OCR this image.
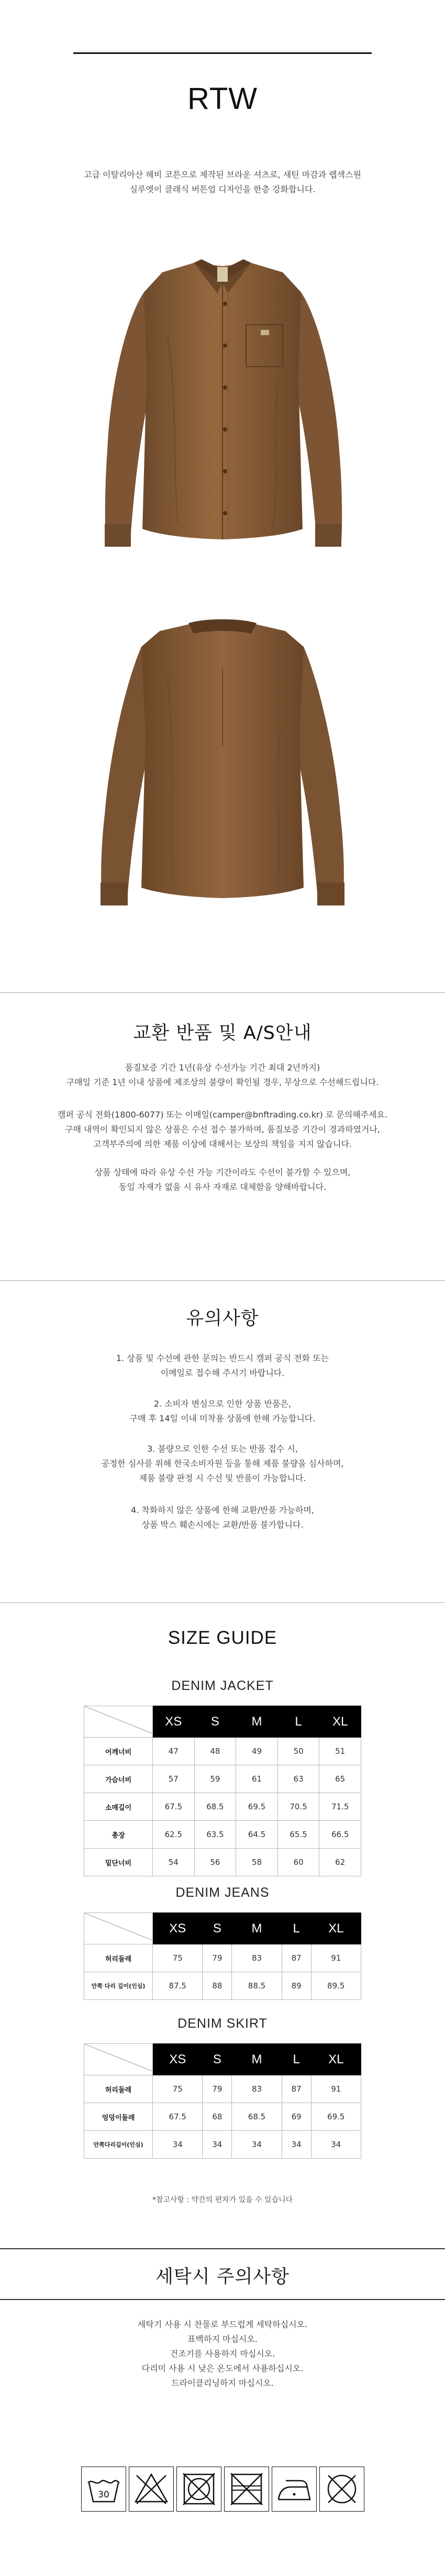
RTW
고급 이탈리아산 헤비 코튼으로 제작된 브라운 셔츠로, 새틴 마감과 랩색스원
실루엣이 클래식 버튼업 디자인을 한층 강화합니다.
교환 반품 및 A/S안내
품질보증 기간 1년(유상 수선가능 기간 최대 2년까지)
구매일 기준 1년 이내 상품에 제조상의 불량이 확인될 경우, 무상으로 수선해드립니다.
캠퍼 공식 전화(1800-6077) 또는 이메일(camper@bnftrading.co.kr) 로 문의해주세요.
구매 내역이 확인되지 않은 상품은 수선 접수 불가하며, 품질보증 기간이 경과하였거나,
고객부주의에 의한 제품 이상에 대해서는 보상의 책임을 지지 않습니다.
상품 상태에 따라 유상 수선 가능 기간이라도 수선이 불가할 수 있으며,
동일 자재가 없을 시 유사 자재로 대체함을 양해바랍니다.
유의사항
1. 상품 및 수선에 관한 문의는 반드시 캠퍼 공식 전화 또는
이메일로 접수해 주시기 바랍니다.
2. 소비자 변심으로 인한 상품 반품은,
구매 후 14일 이내 미착용 상품에 한해 가능합니다.
3. 불량으로 인한 수선 또는 반품 접수 시,
공정한 심사를 위해 한국소비자원 등을 통해 제품 불량을 심사하며,
제품 불량 판정 시 수선 및 반품이 가능합니다.
4. 착화하지 않은 상품에 한해 교환/반품 가능하며,
상품 박스 훼손시에는 교환/반품 불가합니다.
SIZE GUIDE
DENIM JACKET
	XS	S	M	L	XL
어깨너비	47	48	49	50	51
가슴너비	57	59	61	63	65
소매길이	67.5	68.5	69.5	70.5	71.5
총장	62.5	63.5	64.5	65.5	66.5
밑단너비	54	56	58	60	62
DENIM JEANS
	XS	S	M	L	XL
허리둘레	75	79	83	87	91
안쪽 다리 길이(인심)	87.5	88	88.5	89	89.5
DENIM SKIRT
	XS	S	M	L	XL
허리둘레	75	79	83	87	91
엉덩이둘레	67.5	68	68.5	69	69.5
안쪽다리길이(인심)	34	34	34	34	34
*참고사항 : 약간의 편차가 있을 수 있습니다
세탁시 주의사항
세탁기 사용 시 찬물로 부드럽게 세탁하십시오.
표백하지 마십시오.
건조기를 사용하지 마십시오.
다리미 사용 시 낮은 온도에서 사용하십시오.
드라이클리닝하지 마십시오.
30
